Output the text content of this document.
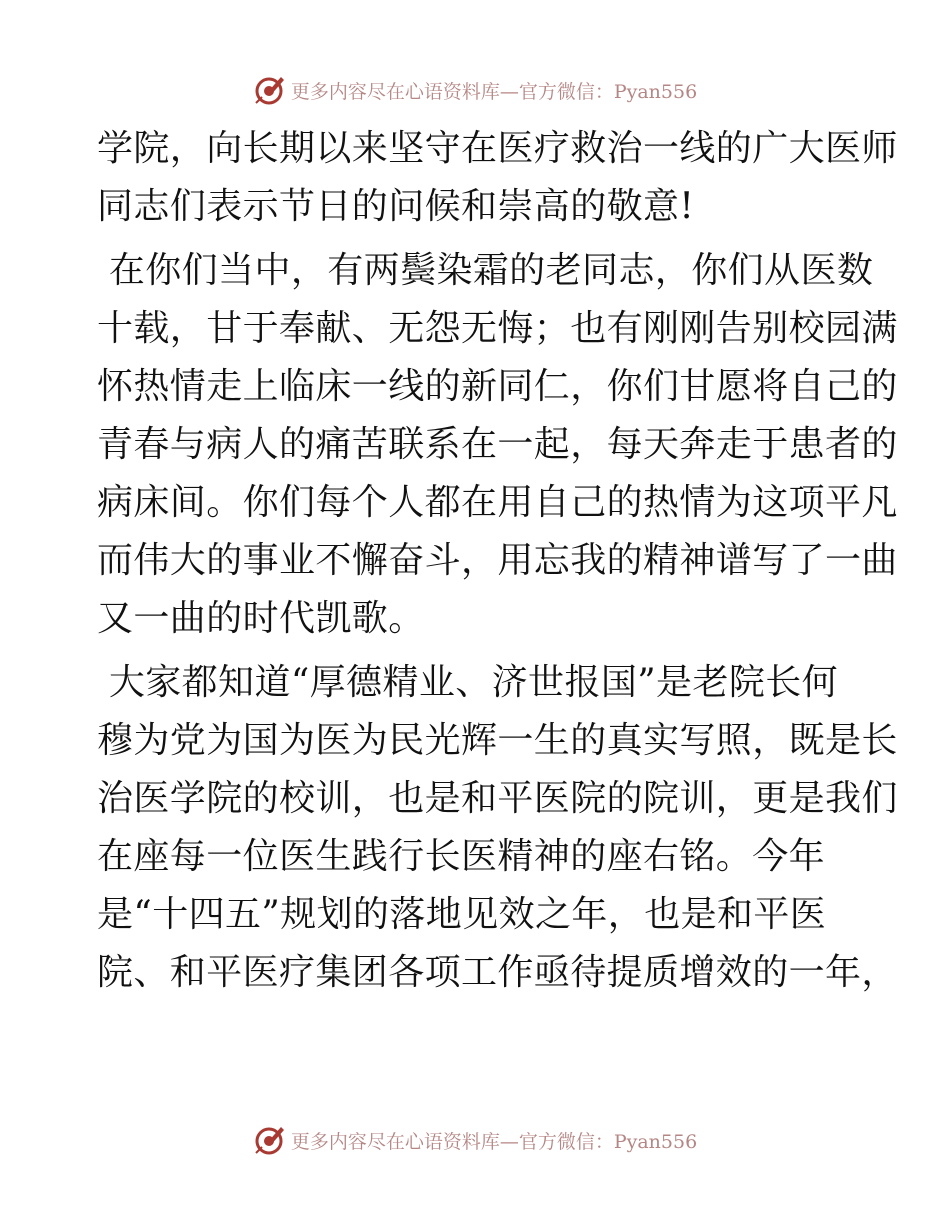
更多内容尽在心语资料库—官方微信：Pyan556
学院，向长期以来坚守在医疗救治一线的广大医师
同志们表示节日的问候和崇高的敬意!
在你们当中，有两鬓染霜的老同志，你们从医数
十载，甘于奉献、无怨无悔；也有刚刚告别校园满
怀热情走上临床一线的新同仁，你们甘愿将自己的
青春与病人的痛苦联系在一起，每天奔走于患者的
病床间。你们每个人都在用自己的热情为这项平凡
而伟大的事业不懈奋斗，用忘我的精神谱写了一曲
又一曲的时代凯歌。
大家都知道“厚德精业、济世报国”是老院长何
穆为党为国为医为民光辉一生的真实写照，既是长
治医学院的校训，也是和平医院的院训，更是我们
在座每一位医生践行长医精神的座右铭。今年
是“十四五”规划的落地见效之年，也是和平医
院、和平医疗集团各项工作亟待提质增效的一年，
更多内容尽在心语资料库—官方微信：Pyan556
